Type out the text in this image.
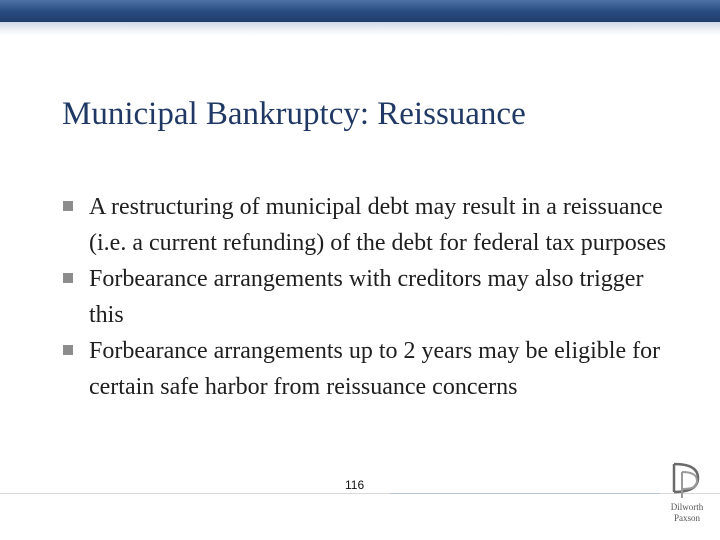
Municipal Bankruptcy: Reissuance
A restructuring of municipal debt may result in a reissuance (i.e. a current refunding) of the debt for federal tax purposes
Forbearance arrangements with creditors may also trigger this
Forbearance arrangements up to 2 years may be eligible for certain safe harbor from reissuance concerns
116
Dilworth
Paxson
